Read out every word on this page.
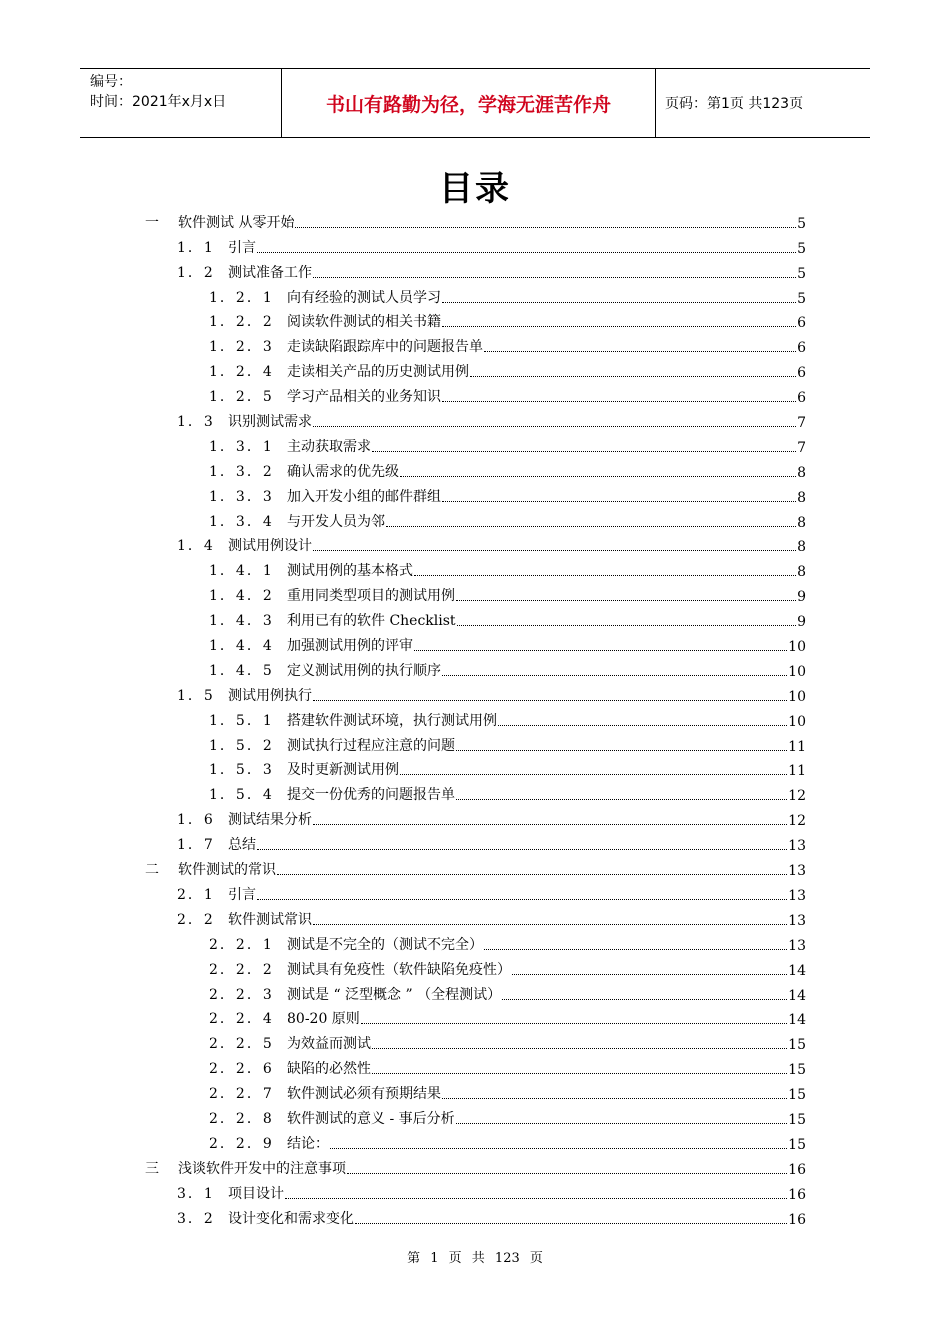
编号：
时间：2021年x月x日	书山有路勤为径，学海无涯苦作舟	页码：第1页 共123页
目录
一	软件测试 从零开始	5
1．1 引言	5
1．2 测试准备工作	5
1．2．1 向有经验的测试人员学习	5
1．2．2 阅读软件测试的相关书籍	6
1．2．3 走读缺陷跟踪库中的问题报告单	6
1．2．4 走读相关产品的历史测试用例	6
1．2．5 学习产品相关的业务知识	6
1．3 识别测试需求	7
1．3．1 主动获取需求	7
1．3．2 确认需求的优先级	8
1．3．3 加入开发小组的邮件群组	8
1．3．4 与开发人员为邻	8
1．4 测试用例设计	8
1．4．1 测试用例的基本格式	8
1．4．2 重用同类型项目的测试用例	9
1．4．3 利用已有的软件 Checklist	9
1．4．4 加强测试用例的评审	10
1．4．5 定义测试用例的执行顺序	10
1．5 测试用例执行	10
1．5．1 搭建软件测试环境，执行测试用例	10
1．5．2 测试执行过程应注意的问题	11
1．5．3 及时更新测试用例	11
1．5．4 提交一份优秀的问题报告单	12
1．6 测试结果分析	12
1．7 总结	13
二	软件测试的常识	13
2．1 引言	13
2．2 软件测试常识	13
2．2．1 测试是不完全的（测试不完全）	13
2．2．2 测试具有免疫性（软件缺陷免疫性）	14
2．2．3 测试是 “ 泛型概念 ” （全程测试）	14
2．2．4 80-20 原则	14
2．2．5 为效益而测试	15
2．2．6 缺陷的必然性	15
2．2．7 软件测试必须有预期结果	15
2．2．8 软件测试的意义 - 事后分析	15
2．2．9 结论：	15
三	浅谈软件开发中的注意事项	16
3．1 项目设计	16
3．2 设计变化和需求变化	16
第 1 页 共 123 页
